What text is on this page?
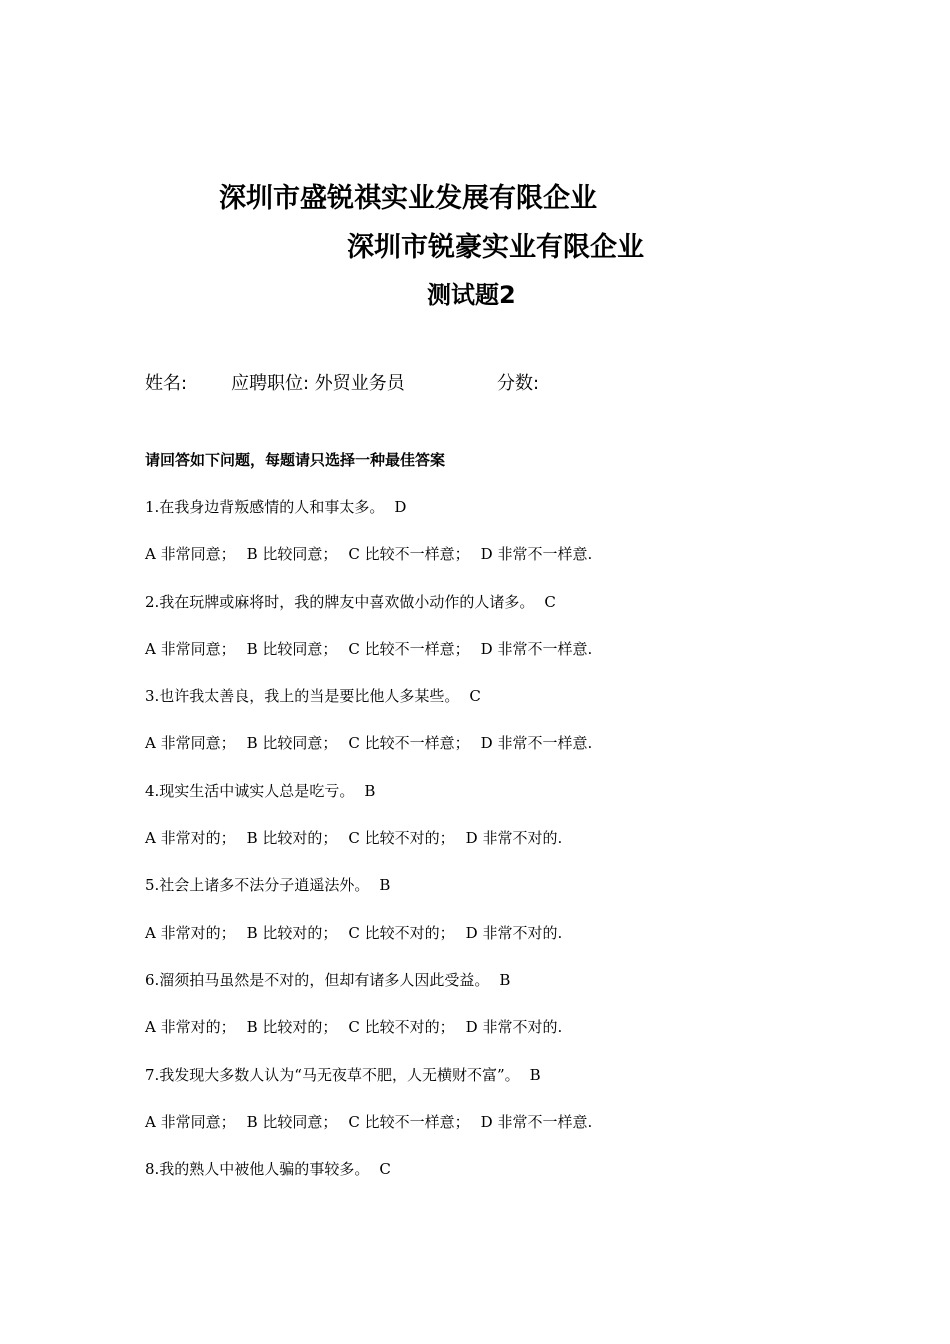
深圳市盛锐祺实业发展有限企业
深圳市锐豪实业有限企业
测试题2
姓名: 应聘职位: 外贸业务员	分数:
请回答如下问题，每题请只选择一种最佳答案
1.在我身边背叛感情的人和事太多。 D
A 非常同意； B 比较同意； C 比较不一样意； D 非常不一样意.
2.我在玩牌或麻将时，我的牌友中喜欢做小动作的人诸多。 C
A 非常同意； B 比较同意； C 比较不一样意； D 非常不一样意.
3.也许我太善良，我上的当是要比他人多某些。 C
A 非常同意； B 比较同意； C 比较不一样意； D 非常不一样意.
4.现实生活中诚实人总是吃亏。 B
A 非常对的； B 比较对的； C 比较不对的； D 非常不对的.
5.社会上诸多不法分子逍遥法外。 B
A 非常对的； B 比较对的； C 比较不对的； D 非常不对的.
6.溜须拍马虽然是不对的，但却有诸多人因此受益。 B
A 非常对的； B 比较对的； C 比较不对的； D 非常不对的.
7.我发现大多数人认为“马无夜草不肥，人无横财不富”。 B
A 非常同意； B 比较同意； C 比较不一样意； D 非常不一样意.
8.我的熟人中被他人骗的事较多。 C
